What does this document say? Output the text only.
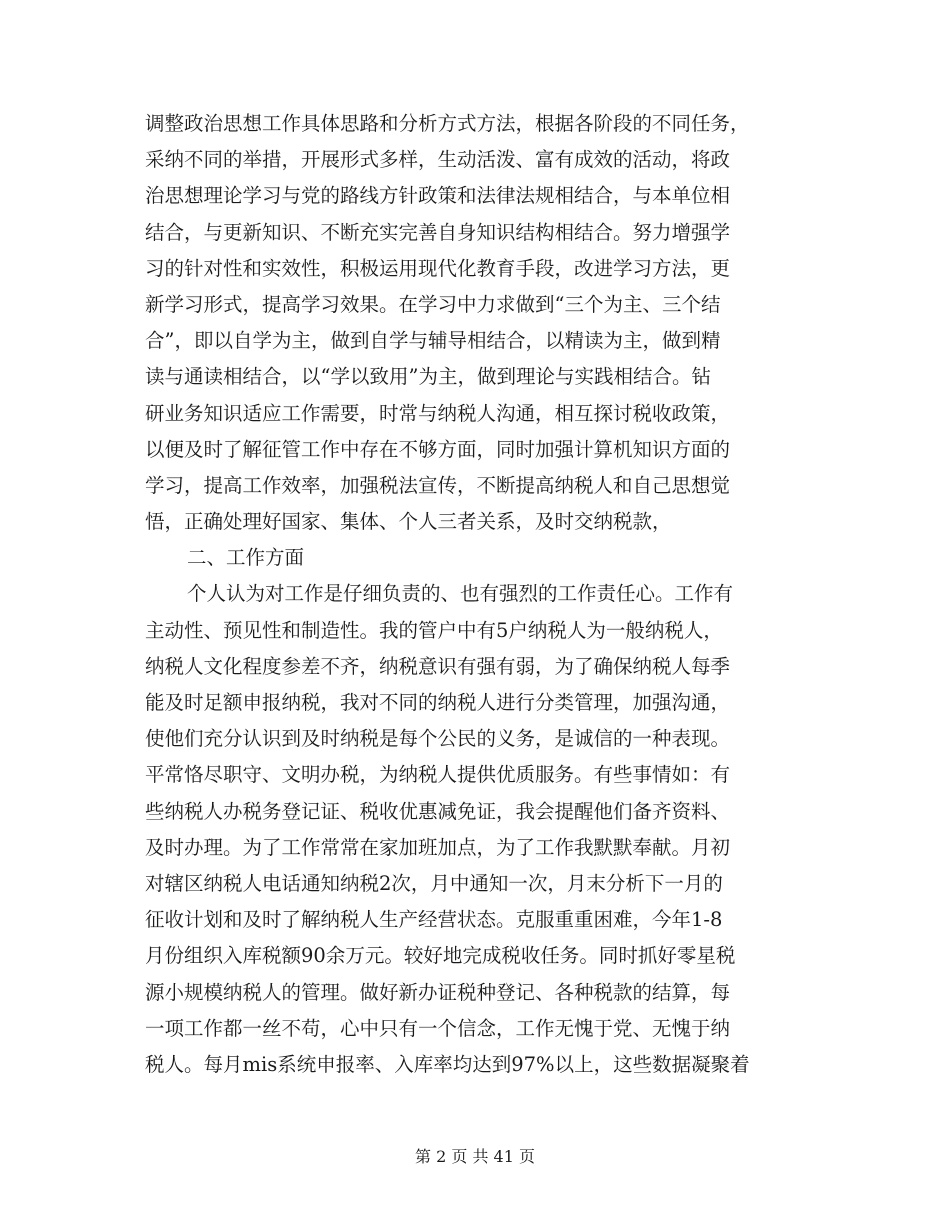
调整政治思想工作具体思路和分析方式方法，根据各阶段的不同任务，
采纳不同的举措，开展形式多样，生动活泼、富有成效的活动，将政
治思想理论学习与党的路线方针政策和法律法规相结合，与本单位相
结合，与更新知识、不断充实完善自身知识结构相结合。努力增强学
习的针对性和实效性，积极运用现代化教育手段，改进学习方法，更
新学习形式，提高学习效果。在学习中力求做到“三个为主、三个结
合”，即以自学为主，做到自学与辅导相结合，以精读为主，做到精
读与通读相结合，以“学以致用”为主，做到理论与实践相结合。钻
研业务知识适应工作需要，时常与纳税人沟通，相互探讨税收政策，
以便及时了解征管工作中存在不够方面，同时加强计算机知识方面的
学习，提高工作效率，加强税法宣传，不断提高纳税人和自己思想觉
悟，正确处理好国家、集体、个人三者关系，及时交纳税款，
二、工作方面
个人认为对工作是仔细负责的、也有强烈的工作责任心。工作有
主动性、预见性和制造性。我的管户中有5户纳税人为一般纳税人，
纳税人文化程度参差不齐，纳税意识有强有弱，为了确保纳税人每季
能及时足额申报纳税，我对不同的纳税人进行分类管理，加强沟通，
使他们充分认识到及时纳税是每个公民的义务，是诚信的一种表现。
平常恪尽职守、文明办税，为纳税人提供优质服务。有些事情如：有
些纳税人办税务登记证、税收优惠减免证，我会提醒他们备齐资料、
及时办理。为了工作常常在家加班加点，为了工作我默默奉献。月初
对辖区纳税人电话通知纳税2次，月中通知一次，月末分析下一月的
征收计划和及时了解纳税人生产经营状态。克服重重困难，今年1-8
月份组织入库税额90余万元。较好地完成税收任务。同时抓好零星税
源小规模纳税人的管理。做好新办证税种登记、各种税款的结算，每
一项工作都一丝不苟，心中只有一个信念，工作无愧于党、无愧于纳
税人。每月mis系统申报率、入库率均达到97%以上，这些数据凝聚着
第 2 页 共 41 页
